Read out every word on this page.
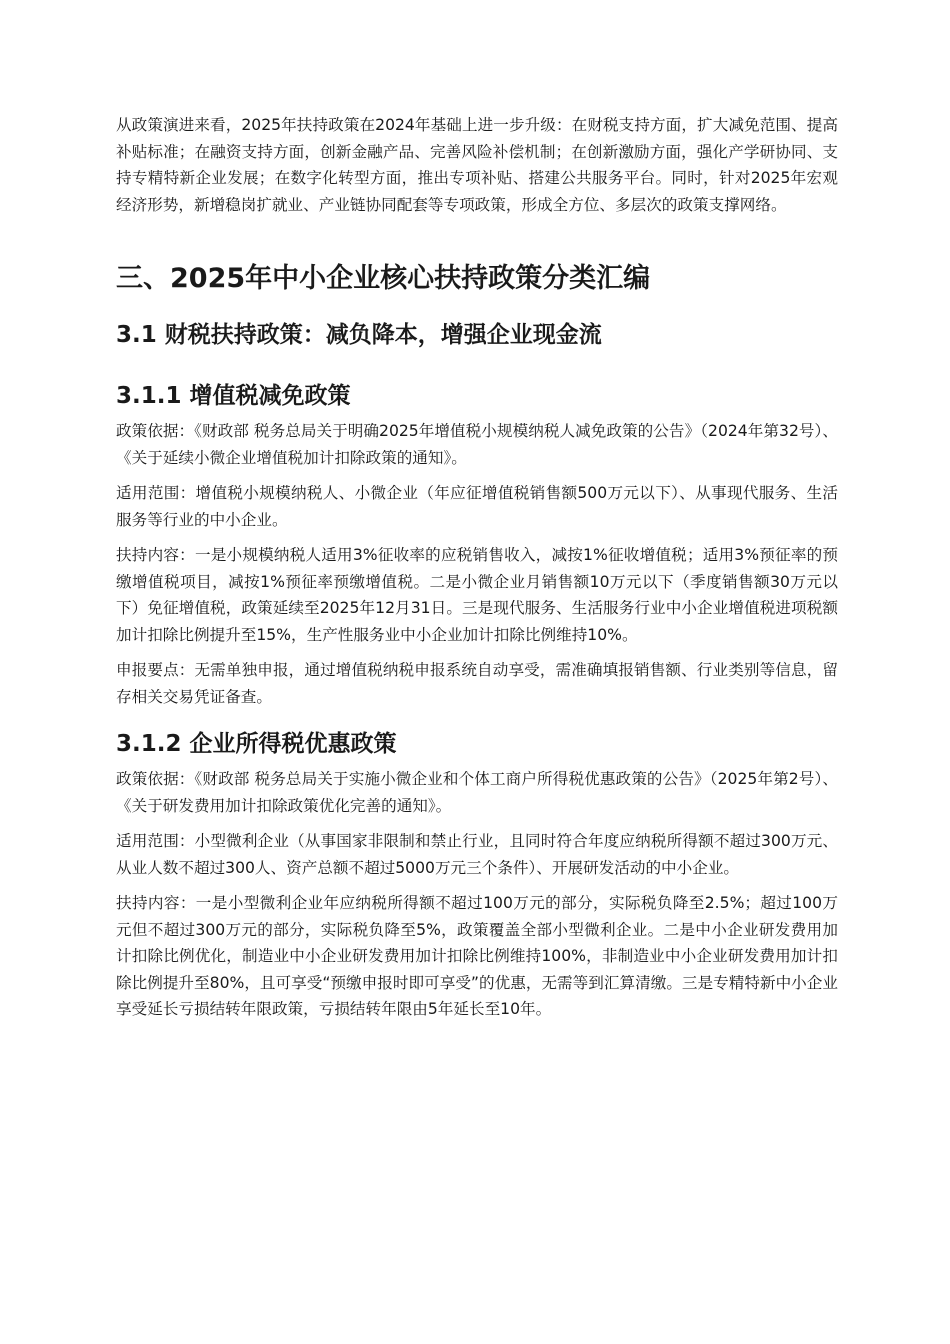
从政策演进来看，2025年扶持政策在2024年基础上进一步升级：在财税支持方面，扩大减免范围、提高补贴标准；在融资支持方面，创新金融产品、完善风险补偿机制；在创新激励方面，强化产学研协同、支持专精特新企业发展；在数字化转型方面，推出专项补贴、搭建公共服务平台。同时，针对2025年宏观经济形势，新增稳岗扩就业、产业链协同配套等专项政策，形成全方位、多层次的政策支撑网络。

三、2025年中小企业核心扶持政策分类汇编
3.1 财税扶持政策：减负降本，增强企业现金流
3.1.1 增值税减免政策

政策依据：《财政部 税务总局关于明确2025年增值税小规模纳税人减免政策的公告》（2024年第32号）、《关于延续小微企业增值税加计扣除政策的通知》。

适用范围：增值税小规模纳税人、小微企业（年应征增值税销售额500万元以下）、从事现代服务、生活服务等行业的中小企业。

扶持内容：一是小规模纳税人适用3%征收率的应税销售收入，减按1%征收增值税；适用3%预征率的预缴增值税项目，减按1%预征率预缴增值税。二是小微企业月销售额10万元以下（季度销售额30万元以下）免征增值税，政策延续至2025年12月31日。三是现代服务、生活服务行业中小企业增值税进项税额加计扣除比例提升至15%，生产性服务业中小企业加计扣除比例维持10%。

申报要点：无需单独申报，通过增值税纳税申报系统自动享受，需准确填报销售额、行业类别等信息，留存相关交易凭证备查。

3.1.2 企业所得税优惠政策

政策依据：《财政部 税务总局关于实施小微企业和个体工商户所得税优惠政策的公告》（2025年第2号）、《关于研发费用加计扣除政策优化完善的通知》。

适用范围：小型微利企业（从事国家非限制和禁止行业，且同时符合年度应纳税所得额不超过300万元、从业人数不超过300人、资产总额不超过5000万元三个条件）、开展研发活动的中小企业。

扶持内容：一是小型微利企业年应纳税所得额不超过100万元的部分，实际税负降至2.5%；超过100万元但不超过300万元的部分，实际税负降至5%，政策覆盖全部小型微利企业。二是中小企业研发费用加计扣除比例优化，制造业中小企业研发费用加计扣除比例维持100%，非制造业中小企业研发费用加计扣除比例提升至80%，且可享受“预缴申报时即可享受”的优惠，无需等到汇算清缴。三是专精特新中小企业享受延长亏损结转年限政策，亏损结转年限由5年延长至10年。
